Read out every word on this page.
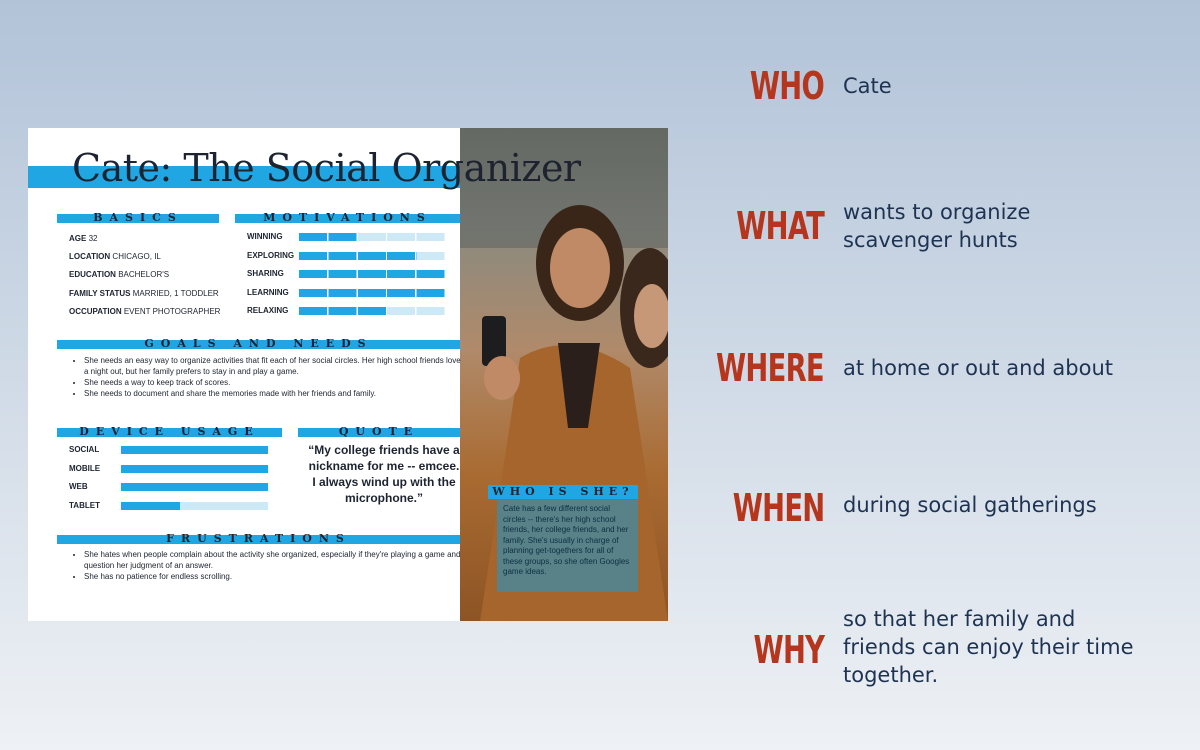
Cate: The Social Organizer
BASICS
AGE 32
LOCATION CHICAGO, IL
EDUCATION BACHELOR'S
FAMILY STATUS MARRIED, 1 TODDLER
OCCUPATION EVENT PHOTOGRAPHER
MOTIVATIONS
WINNING
EXPLORING
SHARING
LEARNING
RELAXING
GOALS AND NEEDS
• She needs an easy way to organize activities that fit each of her social circles. Her high school friends love a night out, but her family prefers to stay in and play a game.
• She needs a way to keep track of scores.
• She needs to document and share the memories made with her friends and family.
DEVICE USAGE
SOCIAL
MOBILE
WEB
TABLET
QUOTE
“My college friends have a nickname for me -- emcee. I always wind up with the microphone.”
FRUSTRATIONS
• She hates when people complain about the activity she organized, especially if they're playing a game and question her judgment of an answer.
• She has no patience for endless scrolling.
WHO IS SHE?
Cate has a few different social circles -- there's her high school friends, her college friends, and her family. She's usually in charge of planning get-togethers for all of these groups, so she often Googles game ideas.
WHO Cate
WHAT wants to organize scavenger hunts
WHERE at home or out and about
WHEN during social gatherings
WHY
so that her family and friends can enjoy their time together.
